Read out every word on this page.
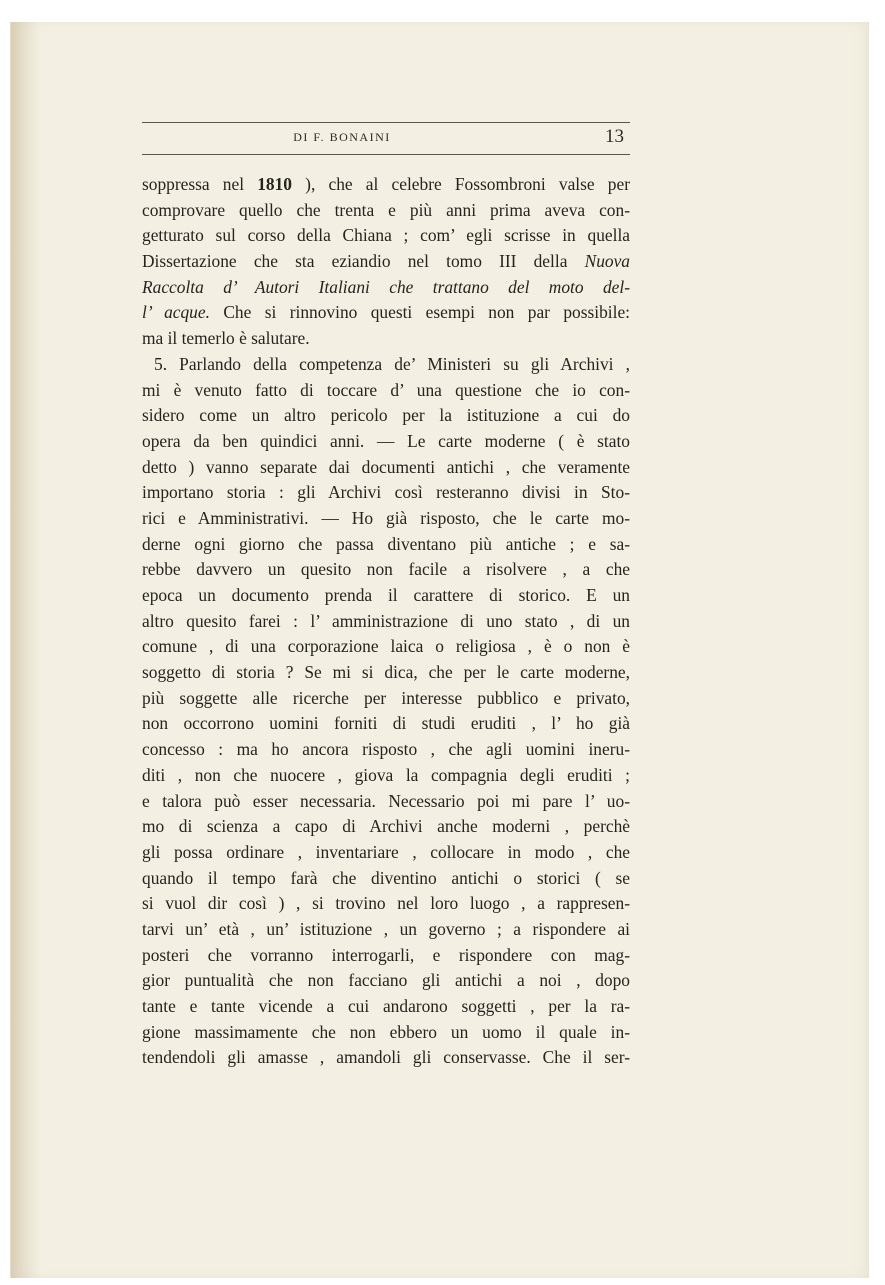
DI F. BONAINI	13
soppressa nel 1810 ), che al celebre Fossombroni valse per
comprovare quello che trenta e più anni prima aveva con-
getturato sul corso della Chiana ; com’ egli scrisse in quella
Dissertazione che sta eziandio nel tomo III della Nuova
Raccolta d’ Autori Italiani che trattano del moto del-
l’ acque. Che si rinnovino questi esempi non par possibile:
ma il temerlo è salutare.
5. Parlando della competenza de’ Ministeri su gli Archivi ,
mi è venuto fatto di toccare d’ una questione che io con-
sidero come un altro pericolo per la istituzione a cui do
opera da ben quindici anni. — Le carte moderne ( è stato
detto ) vanno separate dai documenti antichi , che veramente
importano storia : gli Archivi così resteranno divisi in Sto-
rici e Amministrativi. — Ho già risposto, che le carte mo-
derne ogni giorno che passa diventano più antiche ; e sa-
rebbe davvero un quesito non facile a risolvere , a che
epoca un documento prenda il carattere di storico. E un
altro quesito farei : l’ amministrazione di uno stato , di un
comune , di una corporazione laica o religiosa , è o non è
soggetto di storia ? Se mi si dica, che per le carte moderne,
più soggette alle ricerche per interesse pubblico e privato,
non occorrono uomini forniti di studi eruditi , l’ ho già
concesso : ma ho ancora risposto , che agli uomini ineru-
diti , non che nuocere , giova la compagnia degli eruditi ;
e talora può esser necessaria. Necessario poi mi pare l’ uo-
mo di scienza a capo di Archivi anche moderni , perchè
gli possa ordinare , inventariare , collocare in modo , che
quando il tempo farà che diventino antichi o storici ( se
si vuol dir così ) , si trovino nel loro luogo , a rappresen-
tarvi un’ età , un’ istituzione , un governo ; a rispondere ai
posteri che vorranno interrogarli, e rispondere con mag-
gior puntualità che non facciano gli antichi a noi , dopo
tante e tante vicende a cui andarono soggetti , per la ra-
gione massimamente che non ebbero un uomo il quale in-
tendendoli gli amasse , amandoli gli conservasse. Che il ser-
